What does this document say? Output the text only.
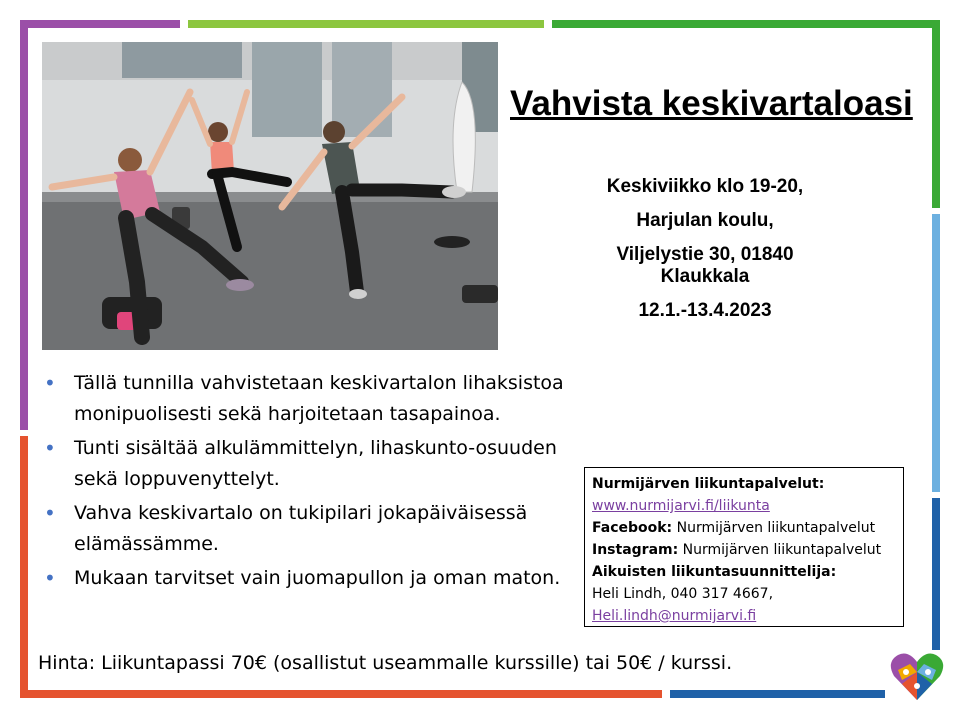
Vahvista keskivartaloasi
Keskiviikko klo 19-20,
Harjulan koulu,
Viljelystie 30, 01840
Klaukkala
12.1.-13.4.2023
• Tällä tunnilla vahvistetaan keskivartalon lihaksistoa monipuolisesti sekä harjoitetaan tasapainoa.
• Tunti sisältää alkulämmittelyn, lihaskunto-osuuden sekä loppuvenyttelyt.
• Vahva keskivartalo on tukipilari jokapäiväisessä elämässämme.
• Mukaan tarvitset vain juomapullon ja oman maton.
Nurmijärven liikuntapalvelut:
www.nurmijarvi.fi/liikunta
Facebook: Nurmijärven liikuntapalvelut
Instagram: Nurmijärven liikuntapalvelut
Aikuisten liikuntasuunnittelija:
Heli Lindh, 040 317 4667,
Heli.lindh@nurmijarvi.fi
Hinta: Liikuntapassi 70€ (osallistut useammalle kurssille) tai 50€ / kurssi.
